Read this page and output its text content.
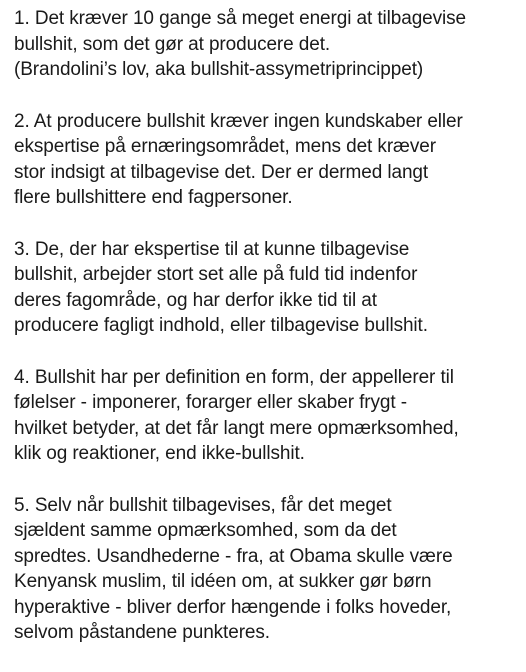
1. Det kræver 10 gange så meget energi at tilbagevise
bullshit, som det gør at producere det.
(Brandolini’s lov, aka bullshit-assymetriprincippet)
2. At producere bullshit kræver ingen kundskaber eller
ekspertise på ernæringsområdet, mens det kræver
stor indsigt at tilbagevise det. Der er dermed langt
flere bullshittere end fagpersoner.
3. De, der har ekspertise til at kunne tilbagevise
bullshit, arbejder stort set alle på fuld tid indenfor
deres fagområde, og har derfor ikke tid til at
producere fagligt indhold, eller tilbagevise bullshit.
4. Bullshit har per definition en form, der appellerer til
følelser - imponerer, forarger eller skaber frygt -
hvilket betyder, at det får langt mere opmærksomhed,
klik og reaktioner, end ikke-bullshit.
5. Selv når bullshit tilbagevises, får det meget
sjældent samme opmærksomhed, som da det
spredtes. Usandhederne - fra, at Obama skulle være
Kenyansk muslim, til idéen om, at sukker gør børn
hyperaktive - bliver derfor hængende i folks hoveder,
selvom påstandene punkteres.
